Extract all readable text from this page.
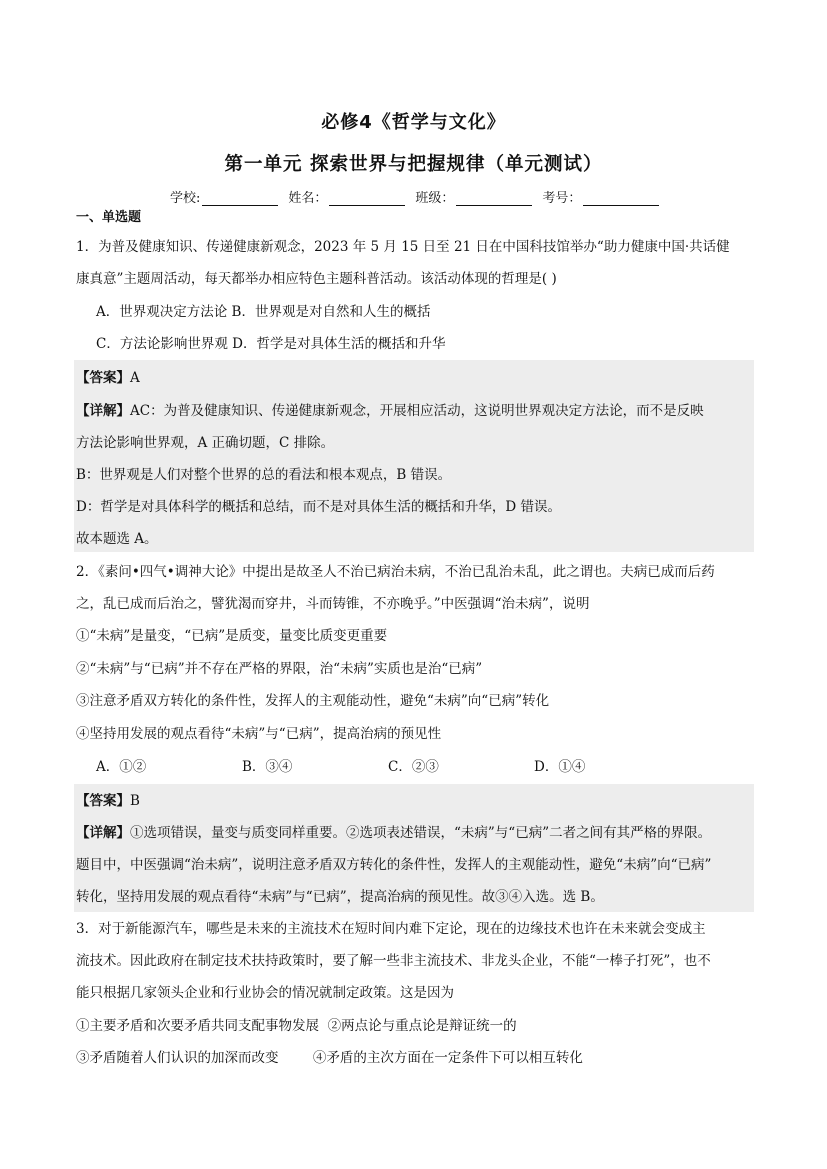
必修4《哲学与文化》
第一单元 探索世界与把握规律（单元测试）
学校:	姓名：	班级：	考号：
一、单选题
1．为普及健康知识、传递健康新观念，2023 年 5 月 15 日至 21 日在中国科技馆举办“助力健康中国·共话健
康真意”主题周活动，每天都举办相应特色主题科普活动。该活动体现的哲理是( )
A．世界观决定方法论 B．世界观是对自然和人生的概括
C．方法论影响世界观 D．哲学是对具体生活的概括和升华
【答案】A
【详解】AC：为普及健康知识、传递健康新观念，开展相应活动，这说明世界观决定方法论，而不是反映
方法论影响世界观，A 正确切题，C 排除。
B：世界观是人们对整个世界的总的看法和根本观点，B 错误。
D：哲学是对具体科学的概括和总结，而不是对具体生活的概括和升华，D 错误。
故本题选 A。
2．《素问•四气•调神大论》中提出是故圣人不治已病治未病，不治已乱治未乱，此之谓也。夫病已成而后药
之，乱已成而后治之，譬犹渴而穿井，斗而铸锥，不亦晚乎。”中医强调“治未病”，说明
①“未病”是量变，“已病”是质变，量变比质变更重要
②“未病”与“已病”并不存在严格的界限，治“未病”实质也是治“已病”
③注意矛盾双方转化的条件性，发挥人的主观能动性，避免“未病”向“已病”转化
④坚持用发展的观点看待“未病”与“已病”，提高治病的预见性
A．①②	B．③④	C．②③	D．①④
【答案】B
【详解】①选项错误，量变与质变同样重要。②选项表述错误，“未病”与“已病”二者之间有其严格的界限。
题目中，中医强调“治未病”，说明注意矛盾双方转化的条件性，发挥人的主观能动性，避免“未病”向“已病”
转化，坚持用发展的观点看待“未病”与“已病”，提高治病的预见性。故③④入选。选 B。
3．对于新能源汽车，哪些是未来的主流技术在短时间内难下定论，现在的边缘技术也许在未来就会变成主
流技术。因此政府在制定技术扶持政策时，要了解一些非主流技术、非龙头企业，不能“一棒子打死”，也不
能只根据几家领头企业和行业协会的情况就制定政策。这是因为
①主要矛盾和次要矛盾共同支配事物发展  ②两点论与重点论是辩证统一的
③矛盾随着人们认识的加深而改变        ④矛盾的主次方面在一定条件下可以相互转化
